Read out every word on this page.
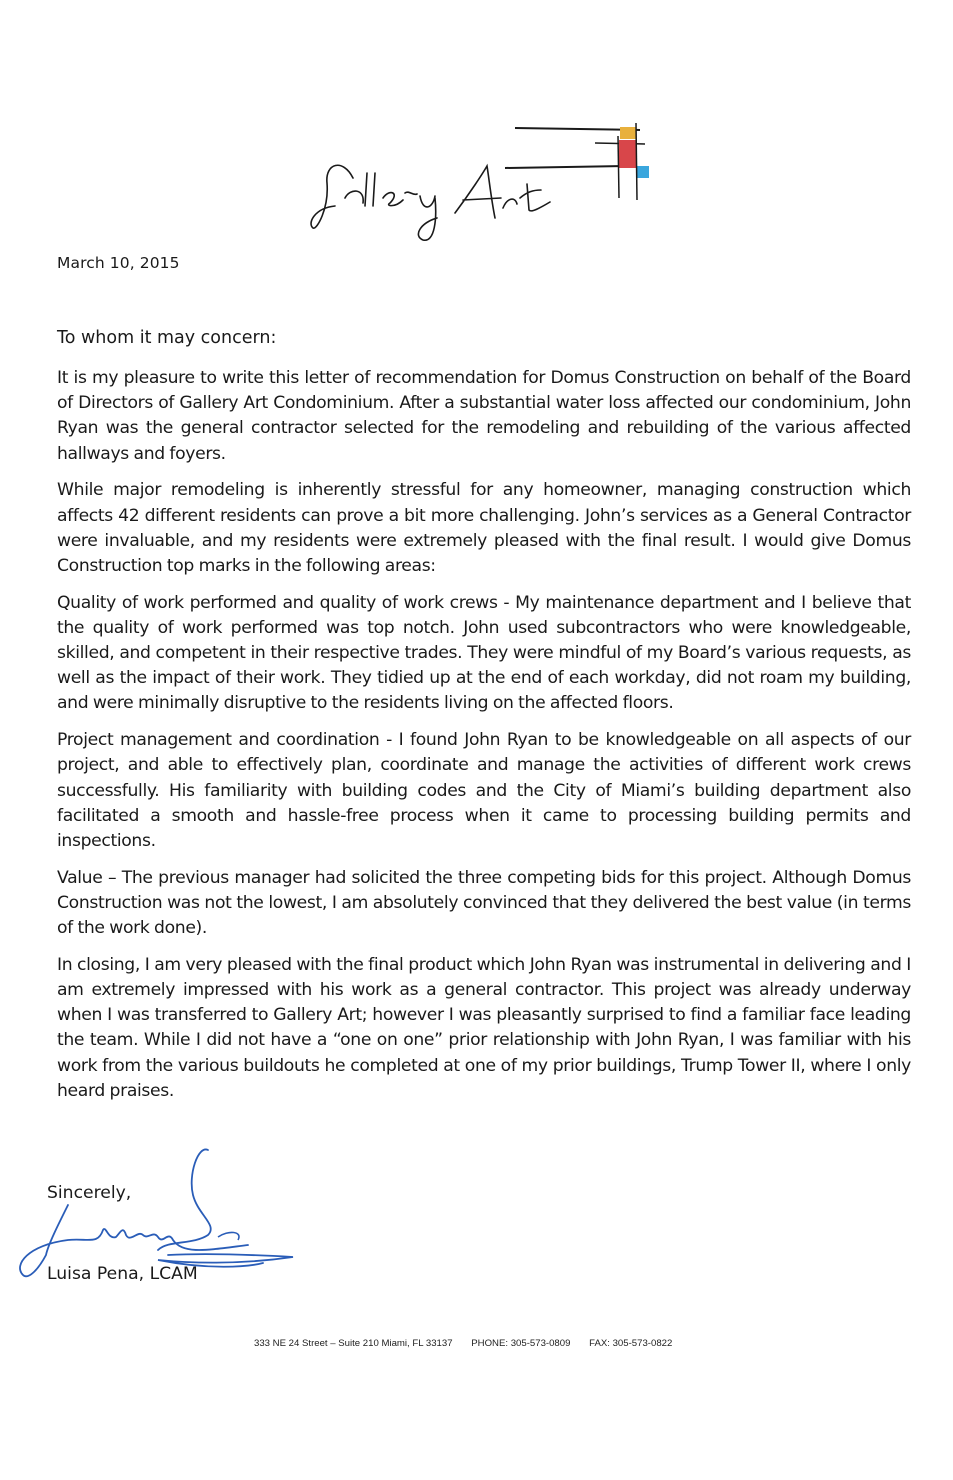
Gallery Art
March 10, 2015
To whom it may concern:

It is my pleasure to write this letter of recommendation for Domus Construction on behalf of the Board of Directors of Gallery Art Condominium. After a substantial water loss affected our condominium, John Ryan was the general contractor selected for the remodeling and rebuilding of the various affected hallways and foyers.

While major remodeling is inherently stressful for any homeowner, managing construction which affects 42 different residents can prove a bit more challenging. John’s services as a General Contractor were invaluable, and my residents were extremely pleased with the final result. I would give Domus Construction top marks in the following areas:

Quality of work performed and quality of work crews - My maintenance department and I believe that the quality of work performed was top notch. John used subcontractors who were knowledgeable, skilled, and competent in their respective trades. They were mindful of my Board’s various requests, as well as the impact of their work. They tidied up at the end of each workday, did not roam my building, and were minimally disruptive to the residents living on the affected floors.

Project management and coordination - I found John Ryan to be knowledgeable on all aspects of our project, and able to effectively plan, coordinate and manage the activities of different work crews successfully. His familiarity with building codes and the City of Miami’s building department also facilitated a smooth and hassle-free process when it came to processing building permits and inspections.

Value – The previous manager had solicited the three competing bids for this project. Although Domus Construction was not the lowest, I am absolutely convinced that they delivered the best value (in terms of the work done).

In closing, I am very pleased with the final product which John Ryan was instrumental in delivering and I am extremely impressed with his work as a general contractor. This project was already underway when I was transferred to Gallery Art; however I was pleasantly surprised to find a familiar face leading the team. While I did not have a “one on one” prior relationship with John Ryan, I was familiar with his work from the various buildouts he completed at one of my prior buildings, Trump Tower II, where I only heard praises.

Sincerely,
Luisa Pena, LCAM
333 NE 24 Street – Suite 210 Miami, FL 33137 PHONE: 305-573-0809 FAX: 305-573-0822
